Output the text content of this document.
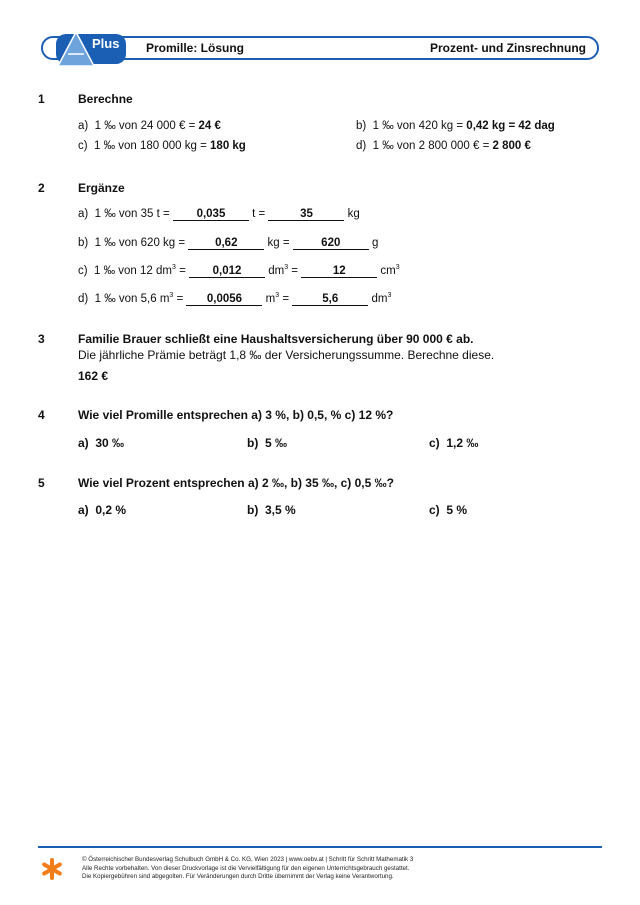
Plus Promille: Lösung	Prozent- und Zinsrechnung
1	Berechne
a) 1 ‰ von 24 000 € = 24 €	b) 1 ‰ von 420 kg = 0,42 kg = 42 dag
c) 1 ‰ von 180 000 kg = 180 kg	d) 1 ‰ von 2 800 000 € = 2 800 €
2	Ergänze
a) 1 ‰ von 35 t = 0,035 t =	35	kg
b) 1 ‰ von 620 kg =	0,62	kg =	620	g
c) 1 ‰ von 12 $dm^3 = 0,012$ $dm^3$ =	12	$cm^3$
d) 1 ‰ von 5,6 $m^3 = 0,0056$ $m^3$ =	5,6	$dm^3$
3	Familie Brauer schließt eine Haushaltsversicherung über 90 000 € ab.
Die jährliche Prämie beträgt 1,8 ‰ der Versicherungssumme. Berechne diese.
162 €
4	Wie viel Promille entsprechen a) 3 %, b) 0,5, % c) 12 %?
a) 30 ‰	b) 5 ‰	c) 1,2 ‰
5	Wie viel Prozent entsprechen a) 2 ‰, b) 35 ‰, c) 0,5 ‰?
a) 0,2 %	b) 3,5 %	c) 5 %
© Österreichischer Bundesverlag Schulbuch GmbH & Co. KG, Wien 2023 | www.oebv.at | Schritt für Schritt Mathematik 3
Alle Rechte vorbehalten. Von dieser Druckvorlage ist die Vervielfältigung für den eigenen Unterrichtsgebrauch gestattet.
Die Kopiergebühren sind abgegolten. Für Veränderungen durch Dritte übernimmt der Verlag keine Verantwortung.
